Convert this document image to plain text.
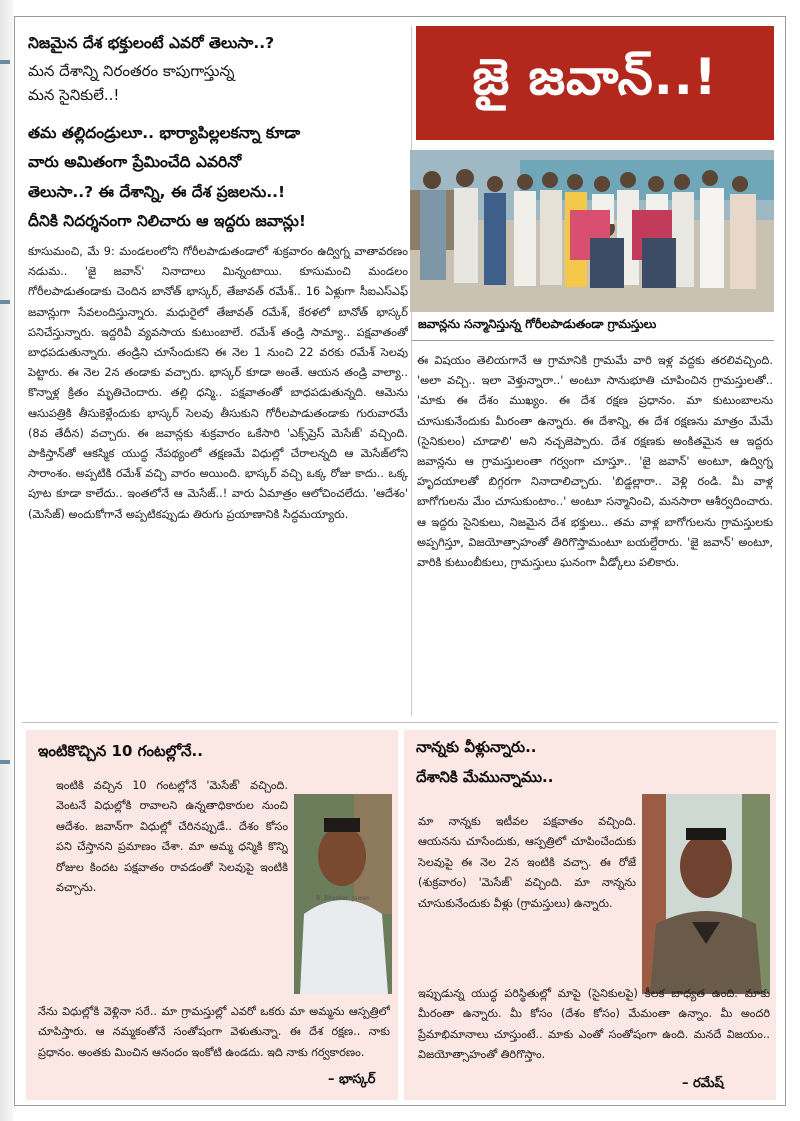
నిజమైన దేశ భక్తులంటే ఎవరో తెలుసా..?
మన దేశాన్ని నిరంతరం కాపుగాస్తున్న
మన సైనికులే..!
తమ తల్లిదండ్రులూ.. భార్యాపిల్లలకన్నా కూడా
వారు అమితంగా ప్రేమించేది ఎవరినో
తెలుసా..? ఈ దేశాన్ని, ఈ దేశ ప్రజలను..!
దీనికి నిదర్శనంగా నిలిచారు ఆ ఇద్దరు జవాన్లు!
కూసుమంచి, మే 9: మండలంలోని గోరీలపాడుతండాలో శుక్రవారం ఉద్విగ్న వాతావరణం నడుమ.. 'జై జవాన్' నినాదాలు మిన్నంటాయి. కూసుమంచి మండలం గోరీలపాడుతండాకు చెందిన బానోత్ భాస్కర్, తేజావత్ రమేశ్.. 16 ఏళ్లుగా సీఐఎస్ఎఫ్ జవాన్లుగా సేవలందిస్తున్నారు. మధురైలో తేజావత్ రమేశ్, కేరళలో బానోత్ భాస్కర్ పనిచేస్తున్నారు. ఇద్దరివీ వ్యవసాయ కుటుంబాలే. రమేశ్ తండ్రి సామ్యా.. పక్షవాతంతో బాధపడుతున్నారు. తండ్రిని చూసేందుకని ఈ నెల 1 నుంచి 22 వరకు రమేశ్ సెలవు పెట్టారు. ఈ నెల 2న తండాకు వచ్చారు. భాస్కర్ కూడా అంతే. ఆయన తండ్రి వాల్యా.. కొన్నాళ్ల క్రితం మృతిచెందారు. తల్లి ధన్మి.. పక్షవాతంతో బాధపడుతున్నది. ఆమెను ఆసుపత్రికి తీసుకెళ్లేందుకు భాస్కర్ సెలవు తీసుకుని గోరీలపాడుతండాకు గురువారమే (8వ తేదీన) వచ్చారు. ఈ జవాన్లకు శుక్రవారం ఒకేసారి 'ఎక్స్‌ప్రెస్ మెసేజ్' వచ్చింది. పాకిస్తాన్‌తో ఆకస్మిక యుద్ధ నేపథ్యంలో తక్షణమే విధుల్లో చేరాలన్నది ఆ మెసేజ్‌లోని సారాంశం. అప్పటికి రమేశ్ వచ్చి వారం అయింది. భాస్కర్ వచ్చి ఒక్క రోజు కాదు.. ఒక్క పూట కూడా కాలేదు.. ఇంతలోనే ఆ మెసేజ్..! వారు ఏమాత్రం ఆలోచించలేదు. 'ఆదేశం' (మెసేజ్) అందుకోగానే అప్పటికప్పుడు తిరుగు ప్రయాణానికి సిద్ధమయ్యారు.
జై జవాన్..!
జవాన్లను సన్మానిస్తున్న గోరీలపాడుతండా గ్రామస్తులు
ఈ విషయం తెలియగానే ఆ గ్రామానికి గ్రామమే వారి ఇళ్ల వద్దకు తరలివచ్చింది. 'అలా వచ్చి.. ఇలా వెళ్తున్నారా..' అంటూ సానుభూతి చూపించిన గ్రామస్తులతో.. 'మాకు ఈ దేశం ముఖ్యం. ఈ దేశ రక్షణ ప్రధానం. మా కుటుంబాలను చూసుకునేందుకు మీరంతా ఉన్నారు. ఈ దేశాన్ని, ఈ దేశ రక్షణను మాత్రం మేమే (సైనికులం) చూడాలి' అని నచ్చజెప్పారు. దేశ రక్షణకు అంకితమైన ఆ ఇద్దరు జవాన్లను ఆ గ్రామస్తులంతా గర్వంగా చూస్తూ.. 'జై జవాన్' అంటూ, ఉద్విగ్న హృదయాలతో బిగ్గరగా నినాదాలిచ్చారు. 'బిడ్డల్లారా.. వెళ్లి రండి. మీ వాళ్ల బాగోగులను మేం చూసుకుంటాం..' అంటూ సన్మానించి, మనసారా ఆశీర్వదించారు. ఆ ఇద్దరు సైనికులు, నిజమైన దేశ భక్తులు.. తమ వాళ్ల బాగోగులను గ్రామస్తులకు అప్పగిస్తూ, విజయోత్సాహంతో తిరిగొస్తామంటూ బయల్దేరారు. 'జై జవాన్' అంటూ, వారికి కుటుంబీకులు, గ్రామస్తులు ఘనంగా వీడ్కోలు పలికారు.
ఇంటికొచ్చిన 10 గంటల్లోనే..
ఇంటికి వచ్చిన 10 గంటల్లోనే 'మెసేజ్' వచ్చింది. వెంటనే విధుల్లోకి రావాలని ఉన్నతాధికారుల నుంచి ఆదేశం. జవాన్‌గా విధుల్లో చేరినప్పుడే.. దేశం కోసం పని చేస్తానని ప్రమాణం చేశా. మా అమ్మ ధన్మికి కొన్ని రోజుల కిందట పక్షవాతం రావడంతో సెలవుపై ఇంటికి వచ్చాను.
B. Bhaskar, Jawan
నేను విధుల్లోకి వెళ్లినా సరే.. మా గ్రామస్తుల్లో ఎవరో ఒకరు మా అమ్మను ఆస్పత్రిలో చూపిస్తారు. ఆ నమ్మకంతోనే సంతోషంగా వెళుతున్నా. ఈ దేశ రక్షణ.. నాకు ప్రధానం. అంతకు మించిన ఆనందం ఇంకోటి ఉండదు. ఇది నాకు గర్వకారణం.
– భాస్కర్
నాన్నకు వీళ్లున్నారు..
దేశానికి మేమున్నాము..
మా నాన్నకు ఇటీవల పక్షవాతం వచ్చింది. ఆయనను చూసేందుకు, ఆస్పత్రిలో చూపించేందుకు సెలవుపై ఈ నెల 2న ఇంటికి వచ్చా. ఈ రోజే (శుక్రవారం) 'మెసేజ్' వచ్చింది. మా నాన్నను చూసుకునేందుకు వీళ్లు (గ్రామస్తులు) ఉన్నారు.
ఇప్పుడున్న యుద్ధ పరిస్థితుల్లో మాపై (సైనికులపై) కీలక బాధ్యత ఉంది. మాకు మీరంతా ఉన్నారు. మీ కోసం (దేశం కోసం) మేమంతా ఉన్నాం. మీ అందరి ప్రేమాభిమానాలు చూస్తుంటే.. మాకు ఎంతో సంతోషంగా ఉంది. మనదే విజయం.. విజయోత్సాహంతో తిరిగొస్తాం.
– రమేష్
